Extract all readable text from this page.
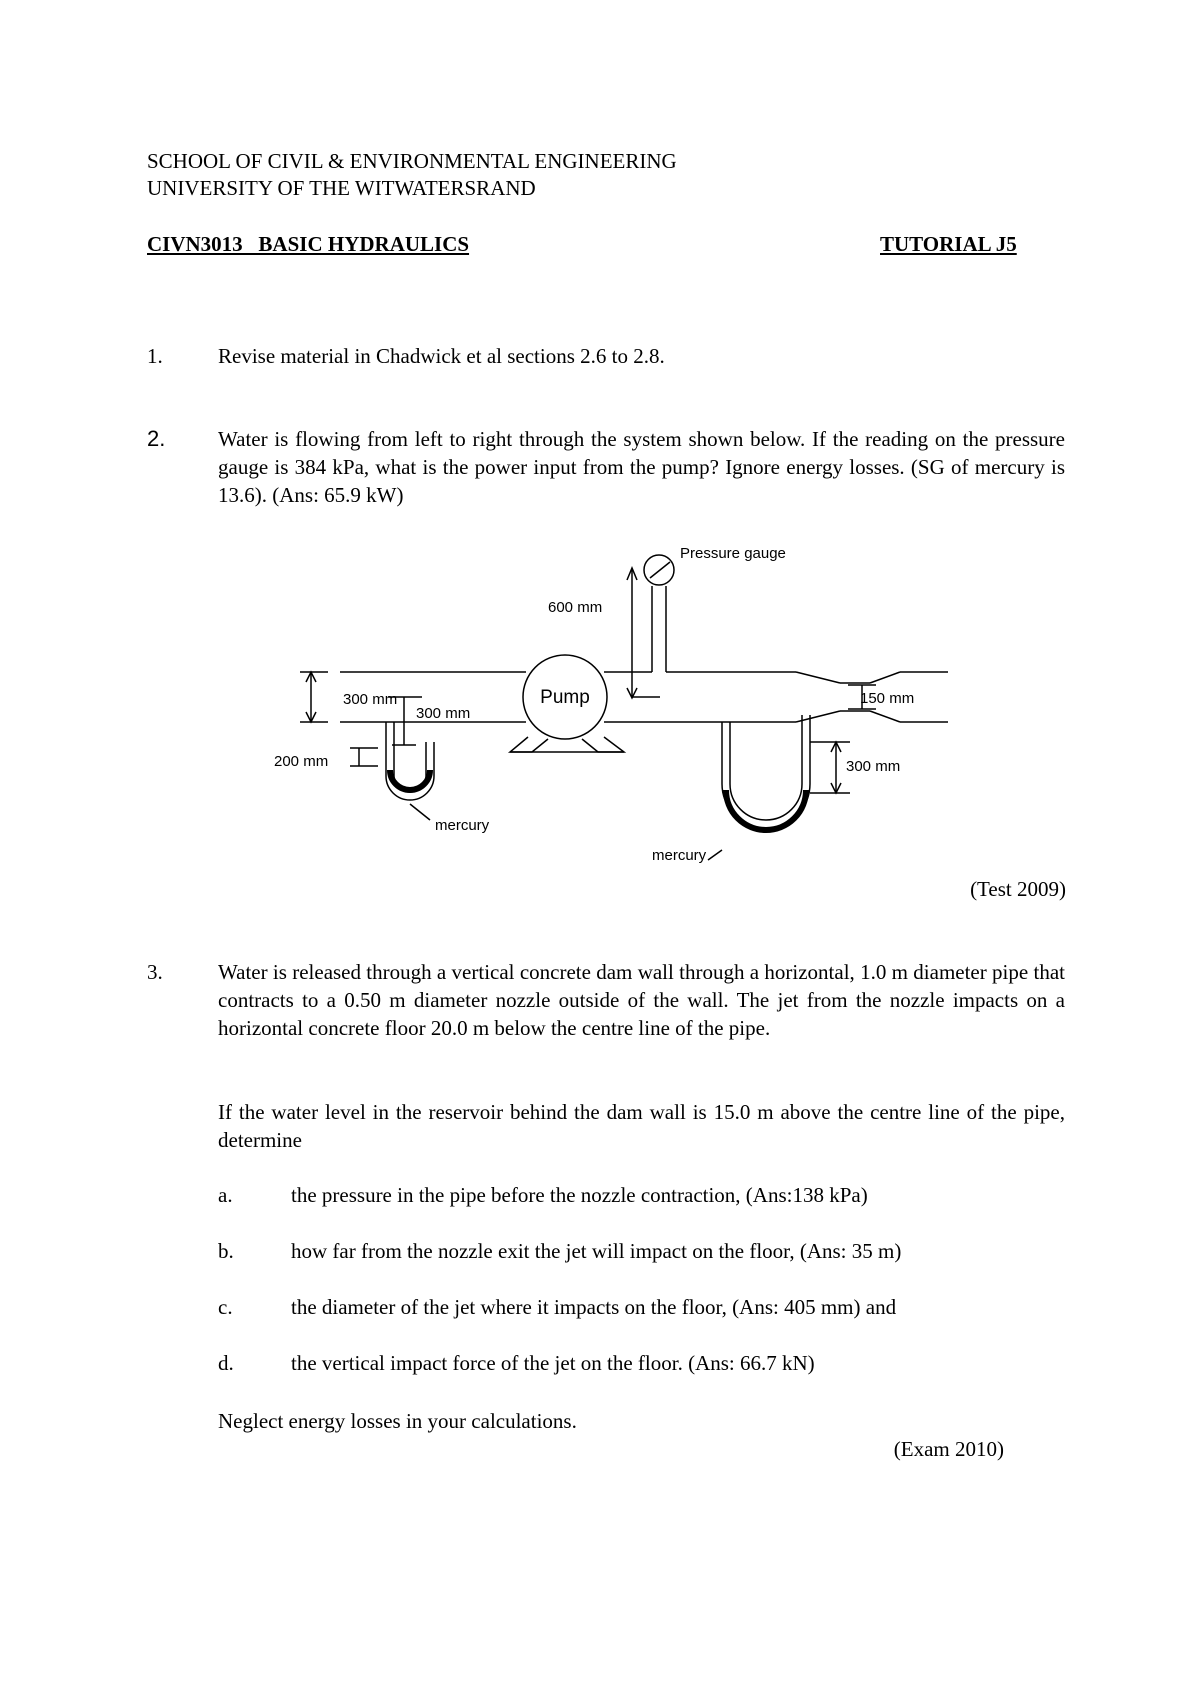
SCHOOL OF CIVIL & ENVIRONMENTAL ENGINEERING
UNIVERSITY OF THE WITWATERSRAND
CIVN3013   BASIC HYDRAULICS	TUTORIAL J5
1.	Revise material in Chadwick et al sections 2.6 to 2.8.
2.	Water is flowing from left to right through the system shown below. If the reading on the pressure gauge is 384 kPa, what is the power input from the pump? Ignore energy losses. (SG of mercury is 13.6). (Ans: 65.9 kW)
Pressure gauge
600 mm
300 mm
300 mm
200 mm
mercury
150 mm
300 mm
mercury
Pump
(Test 2009)
3.	Water is released through a vertical concrete dam wall through a horizontal, 1.0 m diameter pipe that contracts to a 0.50 m diameter nozzle outside of the wall. The jet from the nozzle impacts on a horizontal concrete floor 20.0 m below the centre line of the pipe.
If the water level in the reservoir behind the dam wall is 15.0 m above the centre line of the pipe, determine
a.	the pressure in the pipe before the nozzle contraction, (Ans:138 kPa)
b.	how far from the nozzle exit the jet will impact on the floor, (Ans: 35 m)
c.	the diameter of the jet where it impacts on the floor, (Ans: 405 mm) and
d.	the vertical impact force of the jet on the floor. (Ans: 66.7 kN)
Neglect energy losses in your calculations.
(Exam 2010)
